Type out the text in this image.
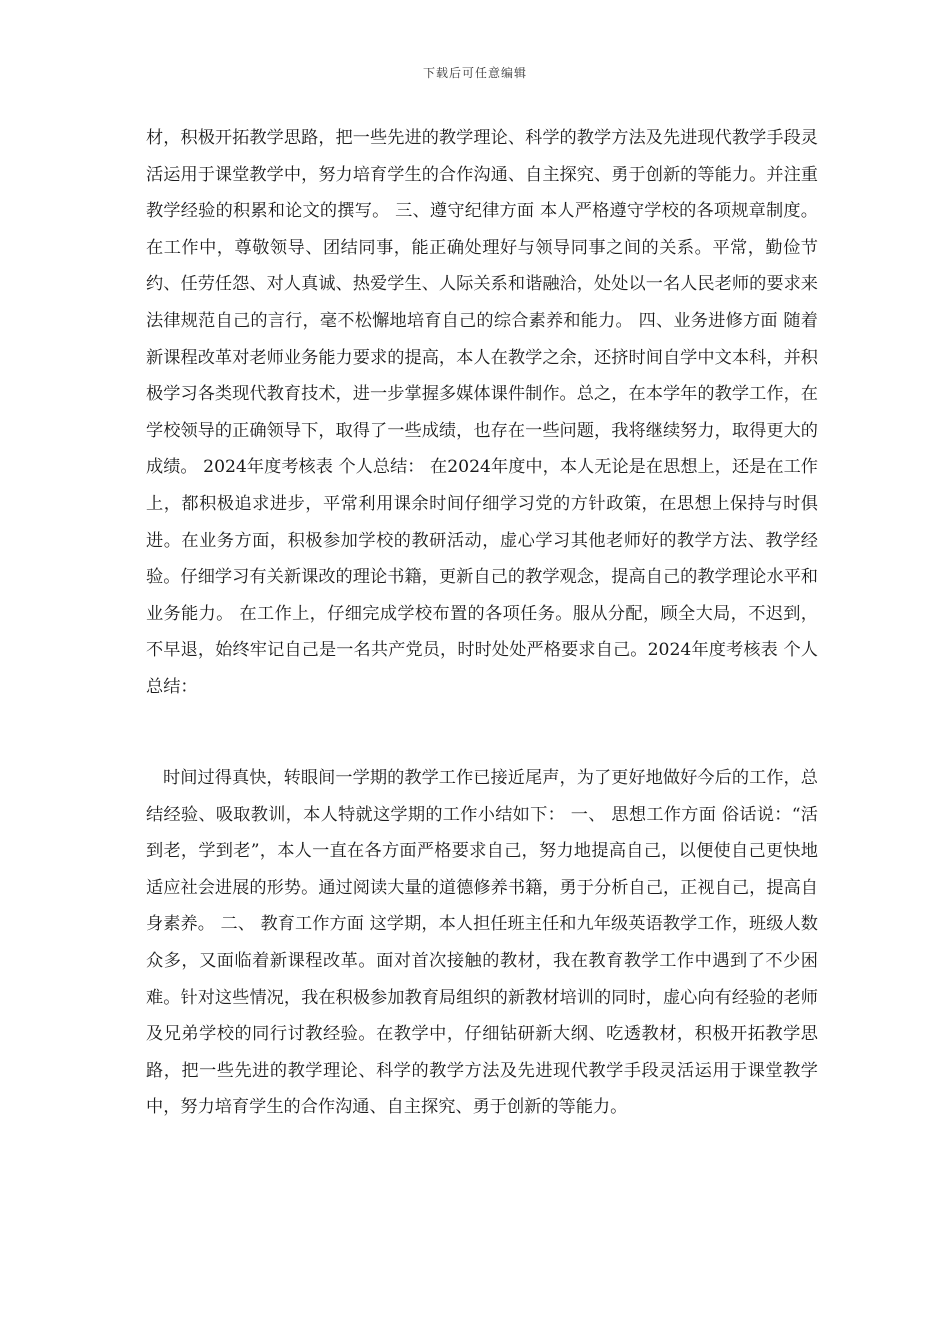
下载后可任意编辑

材，积极开拓教学思路，把一些先进的教学理论、科学的教学方法及先进现代教学手段灵活运用于课堂教学中，努力培育学生的合作沟通、自主探究、勇于创新的等能力。并注重教学经验的积累和论文的撰写。 三、遵守纪律方面 本人严格遵守学校的各项规章制度。在工作中，尊敬领导、团结同事，能正确处理好与领导同事之间的关系。平常，勤俭节约、任劳任怨、对人真诚、热爱学生、人际关系和谐融洽，处处以一名人民老师的要求来法律规范自己的言行，毫不松懈地培育自己的综合素养和能力。 四、业务进修方面 随着新课程改革对老师业务能力要求的提高，本人在教学之余，还挤时间自学中文本科，并积极学习各类现代教育技术，进一步掌握多媒体课件制作。总之，在本学年的教学工作，在学校领导的正确领导下，取得了一些成绩，也存在一些问题，我将继续努力，取得更大的成绩。 2024年度考核表 个人总结： 在2024年度中，本人无论是在思想上，还是在工作上，都积极追求进步，平常利用课余时间仔细学习党的方针政策，在思想上保持与时俱进。在业务方面，积极参加学校的教研活动，虚心学习其他老师好的教学方法、教学经验。仔细学习有关新课改的理论书籍，更新自己的教学观念，提高自己的教学理论水平和业务能力。 在工作上，仔细完成学校布置的各项任务。服从分配，顾全大局，不迟到，不早退，始终牢记自己是一名共产党员，时时处处严格要求自己。2024年度考核表 个人总结：

时间过得真快，转眼间一学期的教学工作已接近尾声，为了更好地做好今后的工作，总结经验、吸取教训，本人特就这学期的工作小结如下： 一、 思想工作方面 俗话说：“活到老，学到老”，本人一直在各方面严格要求自己，努力地提高自己，以便使自己更快地适应社会进展的形势。通过阅读大量的道德修养书籍，勇于分析自己，正视自己，提高自身素养。 二、 教育工作方面 这学期，本人担任班主任和九年级英语教学工作，班级人数众多，又面临着新课程改革。面对首次接触的教材，我在教育教学工作中遇到了不少困难。针对这些情况，我在积极参加教育局组织的新教材培训的同时，虚心向有经验的老师及兄弟学校的同行讨教经验。在教学中，仔细钻研新大纲、吃透教材，积极开拓教学思路，把一些先进的教学理论、科学的教学方法及先进现代教学手段灵活运用于课堂教学中，努力培育学生的合作沟通、自主探究、勇于创新的等能力。
